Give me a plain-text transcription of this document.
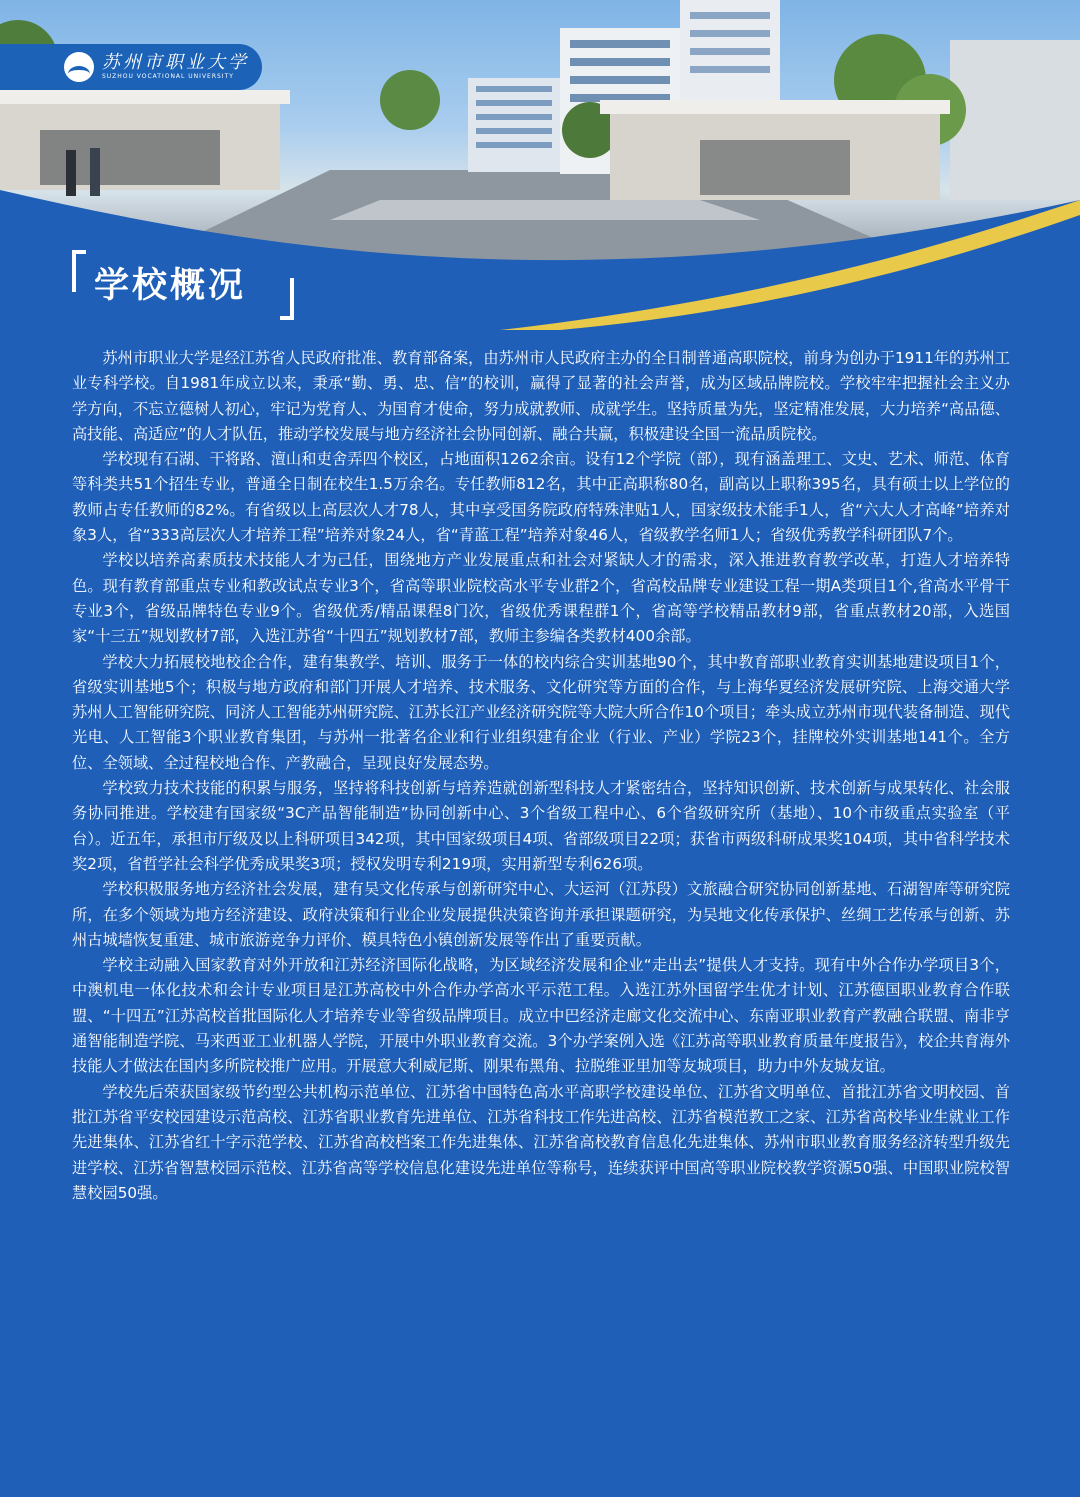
苏州市职业大学
SUZHOU VOCATIONAL UNIVERSITY
学校概况

苏州市职业大学是经江苏省人民政府批准、教育部备案，由苏州市人民政府主办的全日制普通高职院校，前身为创办于1911年的苏州工业专科学校。自1981年成立以来，秉承“勤、勇、忠、信”的校训，赢得了显著的社会声誉，成为区域品牌院校。学校牢牢把握社会主义办学方向，不忘立德树人初心，牢记为党育人、为国育才使命，努力成就教师、成就学生。坚持质量为先，坚定精准发展，大力培养“高品德、高技能、高适应”的人才队伍，推动学校发展与地方经济社会协同创新、融合共赢，积极建设全国一流品质院校。

学校现有石湖、干将路、澶山和吏舍弄四个校区，占地面积1262余亩。设有12个学院（部），现有涵盖理工、文史、艺术、师范、体育等科类共51个招生专业，普通全日制在校生1.5万余名。专任教师812名，其中正高职称80名，副高以上职称395名，具有硕士以上学位的教师占专任教师的82%。有省级以上高层次人才78人，其中享受国务院政府特殊津贴1人，国家级技术能手1人，省“六大人才高峰”培养对象3人，省“333高层次人才培养工程”培养对象24人，省“青蓝工程”培养对象46人，省级教学名师1人；省级优秀教学科研团队7个。

学校以培养高素质技术技能人才为己任，围绕地方产业发展重点和社会对紧缺人才的需求，深入推进教育教学改革，打造人才培养特色。现有教育部重点专业和教改试点专业3个，省高等职业院校高水平专业群2个，省高校品牌专业建设工程一期A类项目1个,省高水平骨干专业3个，省级品牌特色专业9个。省级优秀/精品课程8门次，省级优秀课程群1个，省高等学校精品教材9部，省重点教材20部，入选国家“十三五”规划教材7部，入选江苏省“十四五”规划教材7部，教师主参编各类教材400余部。

学校大力拓展校地校企合作，建有集教学、培训、服务于一体的校内综合实训基地90个，其中教育部职业教育实训基地建设项目1个，省级实训基地5个；积极与地方政府和部门开展人才培养、技术服务、文化研究等方面的合作，与上海华夏经济发展研究院、上海交通大学苏州人工智能研究院、同济人工智能苏州研究院、江苏长江产业经济研究院等大院大所合作10个项目；牵头成立苏州市现代装备制造、现代光电、人工智能3个职业教育集团，与苏州一批著名企业和行业组织建有企业（行业、产业）学院23个，挂牌校外实训基地141个。全方位、全领域、全过程校地合作、产教融合，呈现良好发展态势。

学校致力技术技能的积累与服务，坚持将科技创新与培养造就创新型科技人才紧密结合，坚持知识创新、技术创新与成果转化、社会服务协同推进。学校建有国家级“3C产品智能制造”协同创新中心、3个省级工程中心、6个省级研究所（基地）、10个市级重点实验室（平台）。近五年，承担市厅级及以上科研项目342项，其中国家级项目4项、省部级项目22项；获省市两级科研成果奖104项，其中省科学技术奖2项，省哲学社会科学优秀成果奖3项；授权发明专利219项，实用新型专利626项。

学校积极服务地方经济社会发展，建有吴文化传承与创新研究中心、大运河（江苏段）文旅融合研究协同创新基地、石湖智库等研究院所，在多个领域为地方经济建设、政府决策和行业企业发展提供决策咨询并承担课题研究，为吴地文化传承保护、丝绸工艺传承与创新、苏州古城墙恢复重建、城市旅游竞争力评价、模具特色小镇创新发展等作出了重要贡献。

学校主动融入国家教育对外开放和江苏经济国际化战略，为区域经济发展和企业“走出去”提供人才支持。现有中外合作办学项目3个，中澳机电一体化技术和会计专业项目是江苏高校中外合作办学高水平示范工程。入选江苏外国留学生优才计划、江苏德国职业教育合作联盟、“十四五”江苏高校首批国际化人才培养专业等省级品牌项目。成立中巴经济走廊文化交流中心、东南亚职业教育产教融合联盟、南非亨通智能制造学院、马来西亚工业机器人学院，开展中外职业教育交流。3个办学案例入选《江苏高等职业教育质量年度报告》，校企共育海外技能人才做法在国内多所院校推广应用。开展意大利威尼斯、刚果布黑角、拉脱维亚里加等友城项目，助力中外友城友谊。

学校先后荣获国家级节约型公共机构示范单位、江苏省中国特色高水平高职学校建设单位、江苏省文明单位、首批江苏省文明校园、首批江苏省平安校园建设示范高校、江苏省职业教育先进单位、江苏省科技工作先进高校、江苏省模范教工之家、江苏省高校毕业生就业工作先进集体、江苏省红十字示范学校、江苏省高校档案工作先进集体、江苏省高校教育信息化先进集体、苏州市职业教育服务经济转型升级先进学校、江苏省智慧校园示范校、江苏省高等学校信息化建设先进单位等称号，连续获评中国高等职业院校教学资源50强、中国职业院校智慧校园50强。
